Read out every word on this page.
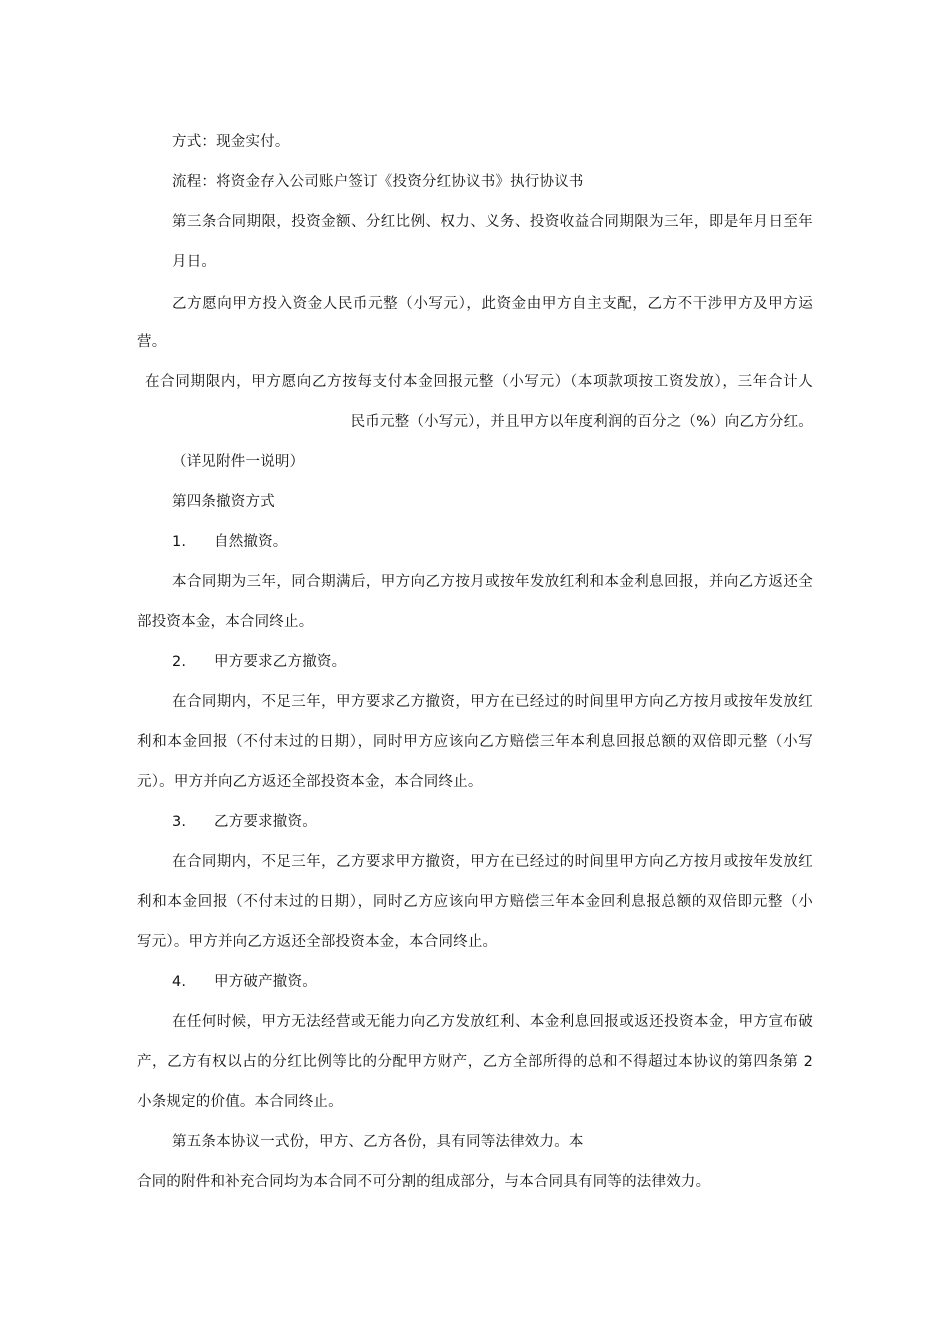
方式：现金实付。

流程：将资金存入公司账户签订《投资分红协议书》执行协议书

第三条合同期限，投资金额、分红比例、权力、义务、投资收益合同期限为三年，即是年月日至年

月日。

乙方愿向甲方投入资金人民币元整（小写元），此资金由甲方自主支配，乙方不干涉甲方及甲方运

营。

在合同期限内，甲方愿向乙方按每支付本金回报元整（小写元）（本项款项按工资发放），三年合计人

民币元整（小写元），并且甲方以年度利润的百分之（%）向乙方分红。

（详见附件一说明）

第四条撤资方式

1. 自然撤资。

本合同期为三年，同合期满后，甲方向乙方按月或按年发放红利和本金利息回报，并向乙方返还全

部投资本金，本合同终止。

2. 甲方要求乙方撤资。

在合同期内，不足三年，甲方要求乙方撤资，甲方在已经过的时间里甲方向乙方按月或按年发放红

利和本金回报（不付末过的日期），同时甲方应该向乙方赔偿三年本利息回报总额的双倍即元整（小写

元）。甲方并向乙方返还全部投资本金，本合同终止。

3. 乙方要求撤资。

在合同期内，不足三年，乙方要求甲方撤资，甲方在已经过的时间里甲方向乙方按月或按年发放红

利和本金回报（不付末过的日期），同时乙方应该向甲方赔偿三年本金回利息报总额的双倍即元整（小

写元）。甲方并向乙方返还全部投资本金，本合同终止。

4. 甲方破产撤资。

在任何时候，甲方无法经营或无能力向乙方发放红利、本金利息回报或返还投资本金，甲方宣布破

产，乙方有权以占的分红比例等比的分配甲方财产，乙方全部所得的总和不得超过本协议的第四条第 2

小条规定的价值。本合同终止。

第五条本协议一式份，甲方、乙方各份，具有同等法律效力。本

合同的附件和补充合同均为本合同不可分割的组成部分，与本合同具有同等的法律效力。
